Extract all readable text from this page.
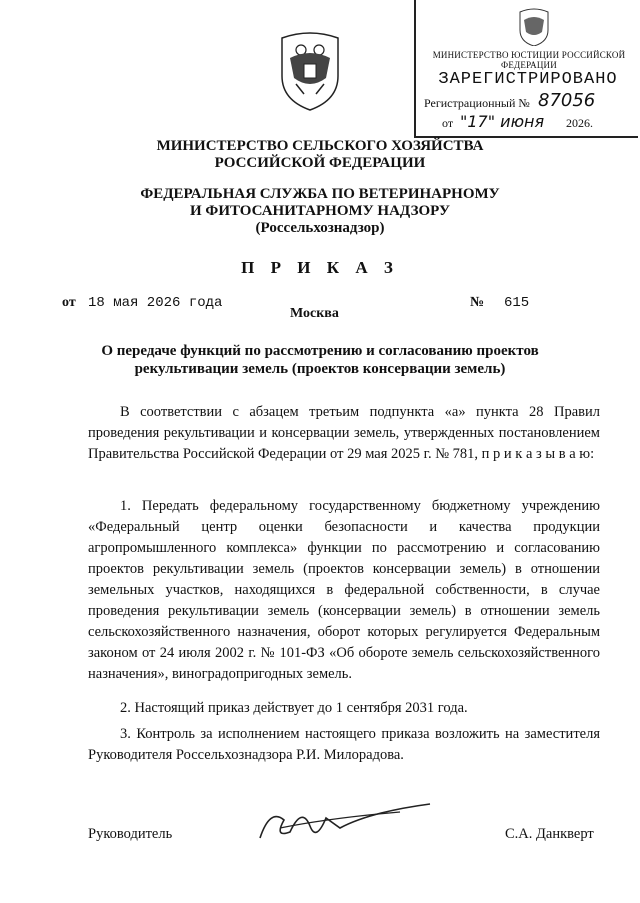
МИНИСТЕРСТВО ЮСТИЦИИ РОССИЙСКОЙ ФЕДЕРАЦИИ
ЗАРЕГИСТРИРОВАНО
Регистрационный № 87056
от "17" июня 2026.
МИНИСТЕРСТВО СЕЛЬСКОГО ХОЗЯЙСТВА
РОССИЙСКОЙ ФЕДЕРАЦИИ
ФЕДЕРАЛЬНАЯ СЛУЖБА ПО ВЕТЕРИНАРНОМУ
И ФИТОСАНИТАРНОМУ НАДЗОРУ
(Россельхознадзор)
П Р И К А З
от 18 мая 2026 года
Москва
№ 615
О передаче функций по рассмотрению и согласованию проектов
рекультивации земель (проектов консервации земель)
В соответствии с абзацем третьим подпункта «а» пункта 28 Правил проведения рекультивации и консервации земель, утвержденных постановлением Правительства Российской Федерации от 29 мая 2025 г. № 781, п р и к а з ы в а ю:
1. Передать федеральному государственному бюджетному учреждению «Федеральный центр оценки безопасности и качества продукции агропромышленного комплекса» функции по рассмотрению и согласованию проектов рекультивации земель (проектов консервации земель) в отношении земельных участков, находящихся в федеральной собственности, в случае проведения рекультивации земель (консервации земель) в отношении земель сельскохозяйственного назначения, оборот которых регулируется Федеральным законом от 24 июля 2002 г. № 101-ФЗ «Об обороте земель сельскохозяйственного назначения», виноградопригодных земель.
2. Настоящий приказ действует до 1 сентября 2031 года.
3. Контроль за исполнением настоящего приказа возложить на заместителя Руководителя Россельхознадзора Р.И. Милорадова.
Руководитель	С.А. Данкверт
